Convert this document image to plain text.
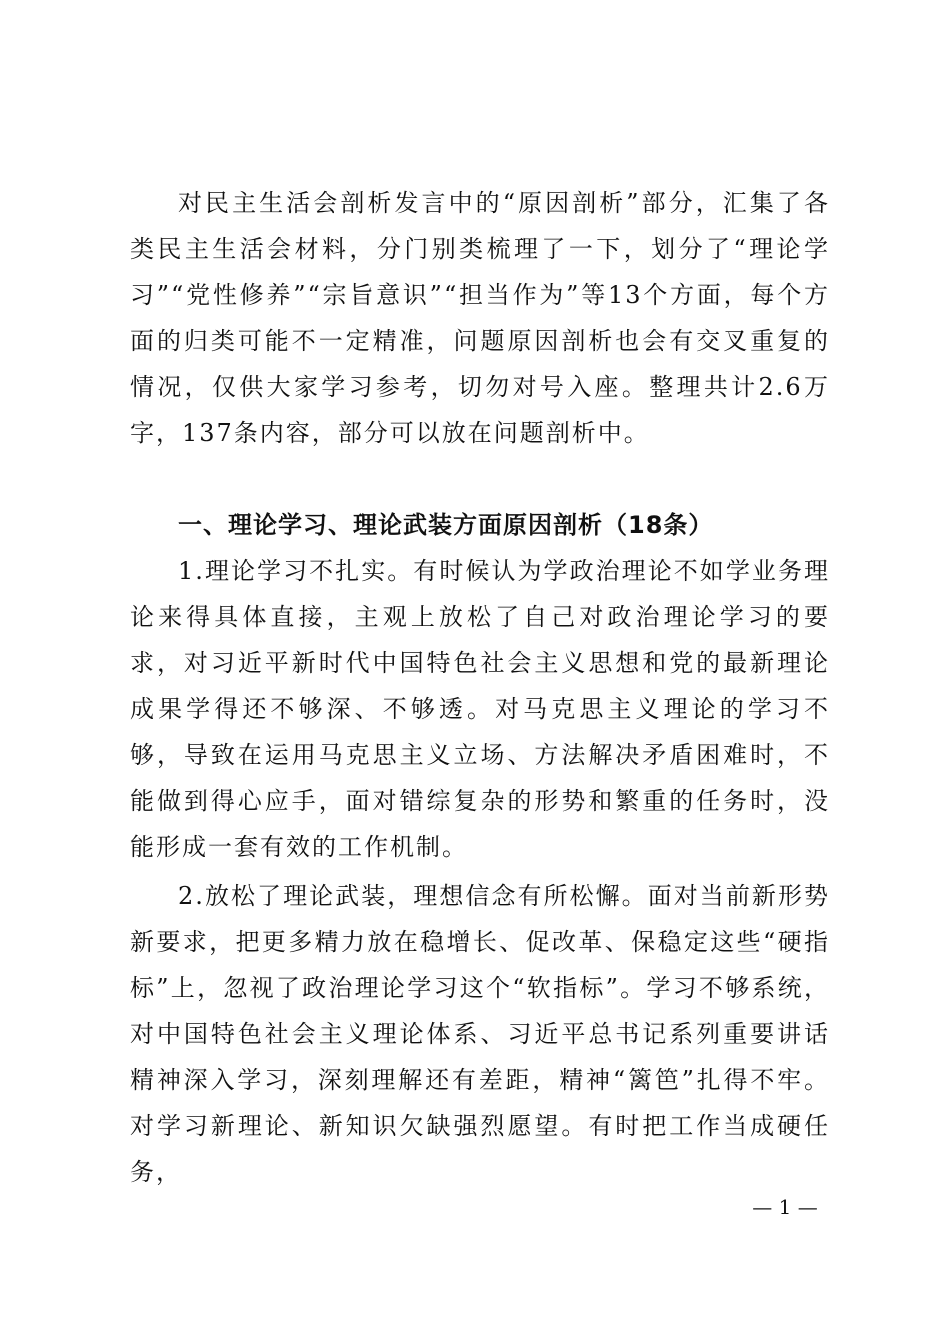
对民主生活会剖析发言中的“原因剖析”部分，汇集了各类民主生活会材料，分门别类梳理了一下，划分了“理论学习”“党性修养”“宗旨意识”“担当作为”等13个方面，每个方面的归类可能不一定精准，问题原因剖析也会有交叉重复的情况，仅供大家学习参考，切勿对号入座。整理共计2.6万字，137条内容，部分可以放在问题剖析中。

一、理论学习、理论武装方面原因剖析（18条）

1.理论学习不扎实。有时候认为学政治理论不如学业务理论来得具体直接，主观上放松了自己对政治理论学习的要求，对习近平新时代中国特色社会主义思想和党的最新理论成果学得还不够深、不够透。对马克思主义理论的学习不够，导致在运用马克思主义立场、方法解决矛盾困难时，不能做到得心应手，面对错综复杂的形势和繁重的任务时，没能形成一套有效的工作机制。

2.放松了理论武装，理想信念有所松懈。面对当前新形势新要求，把更多精力放在稳增长、促改革、保稳定这些“硬指标”上，忽视了政治理论学习这个“软指标”。学习不够系统，对中国特色社会主义理论体系、习近平总书记系列重要讲话精神深入学习，深刻理解还有差距，精神“篱笆”扎得不牢。对学习新理论、新知识欠缺强烈愿望。有时把工作当成硬任务，

— 1 —
